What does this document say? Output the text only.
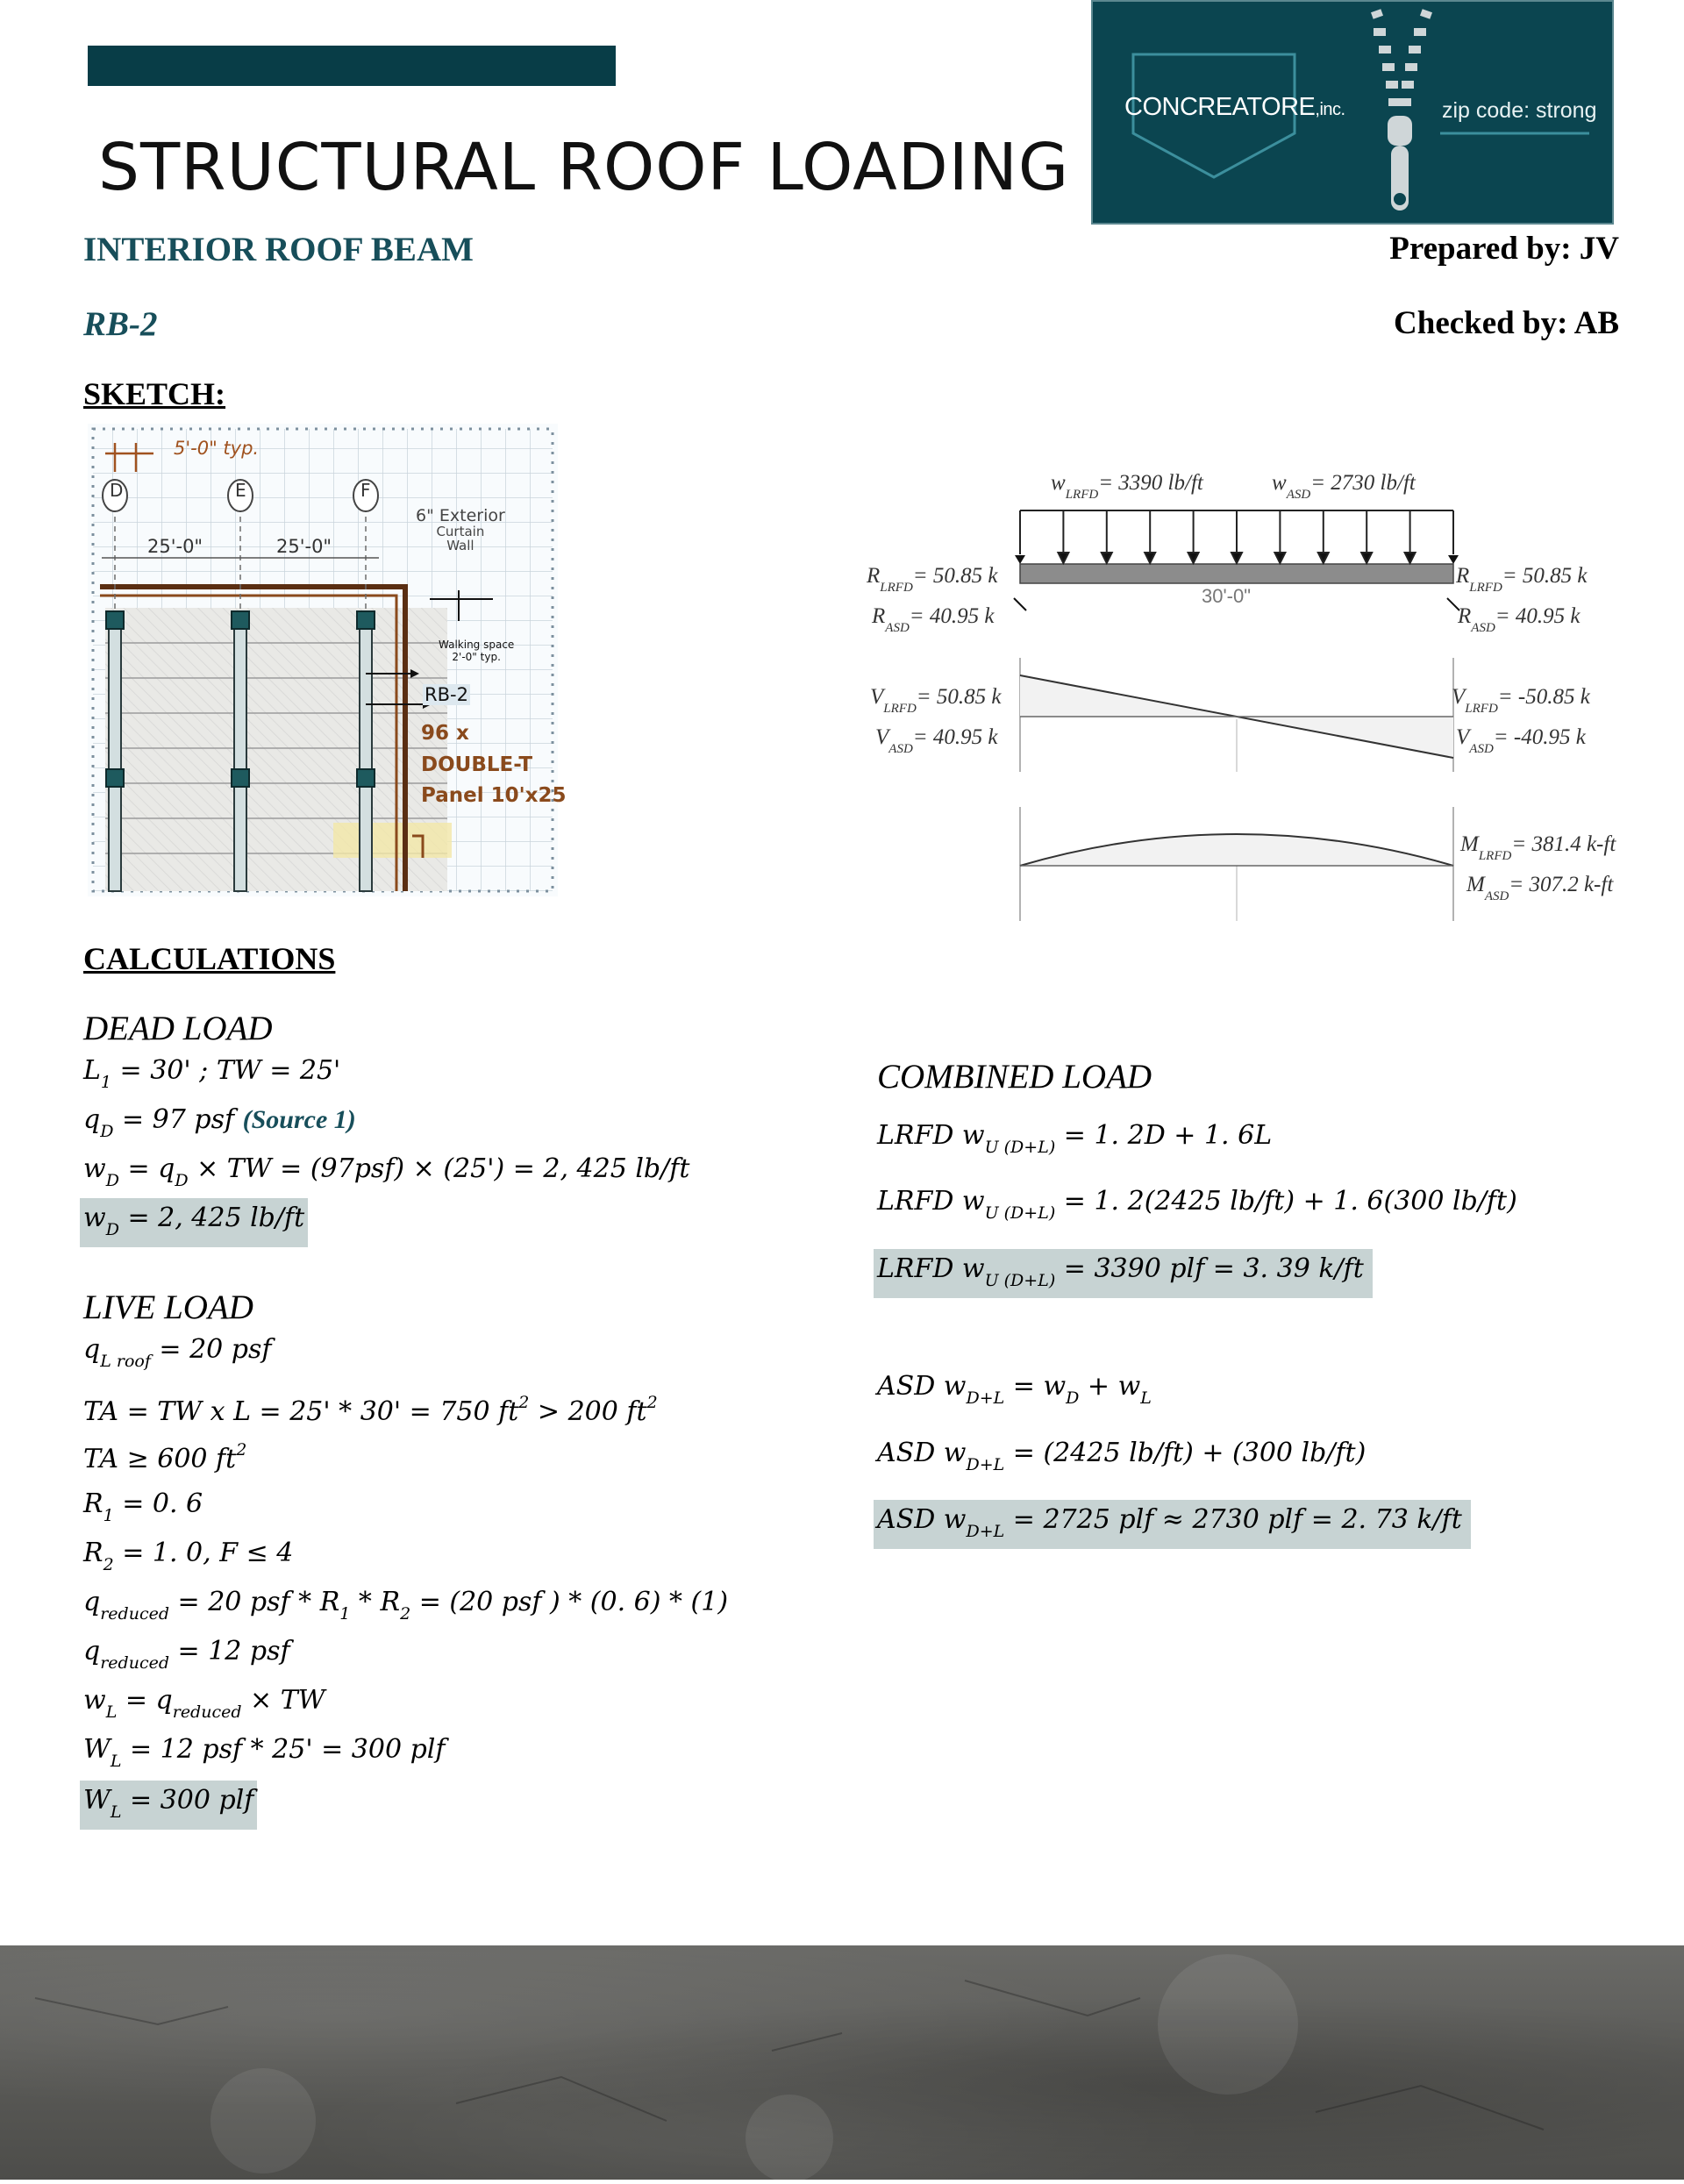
STRUCTURAL ROOF LOADING
CONCREATORE,inc.	zip code: strong
INTERIOR ROOF BEAM
RB-2
Prepared by: JV
Checked by: AB
SKETCH:
D	E	F
5'-0" typ.
25'-0"	25'-0"
6" Exterior
Curtain
Wall
Walking space
2'-0" typ.
RB-2
96 x
DOUBLE-T
Panel 10'x25
$w_{LRFD}= 3390$ lb/ft	$w_{ASD}= 2730$ lb/ft
30'-0"
$R_{LRFD}= 50.85$ k
$R_{ASD}= 40.95$ k
$R_{LRFD}= 50.85$ k
$R_{ASD}= 40.95$ k
$V_{LRFD}= 50.85$ k
$V_{ASD}= 40.95$ k
$V_{LRFD}= -50.85$ k
$V_{ASD}= -40.95$ k
$M_{LRFD}= 381.4$ k-ft
$M_{ASD}= 307.2$ k-ft
CALCULATIONS
DEAD LOAD
$L_1 = 30'$ ; TW = 25'
$q_D = 97$ psf (Source 1)
$w_D = q_D$ × TW = (97psf) × (25') = 2, 425 lb/ft
$w_D = 2$, 425 lb/ft
LIVE LOAD
$q_{L roof} = 20$ psf
TA = TW x L = 25' * 30' = 750 $ft^2 > 200$ $ft^2$
TA ≥ 600 $ft^2$
$R_1 = 0$. 6
$R_2 = 1$. 0, F ≤ 4
$q_{reduced} = 20$ psf * $R_1 * R_2 = (20$ psf ) * (0. 6) * (1)
$q_{reduced} = 12$ psf
$w_L = q_{reduced}$ × TW
$W_L = 12$ psf * 25' = 300 plf
$W_L = 300$ plf
COMBINED LOAD
LRFD $w_{U (D+L)} = 1$. 2D + 1. 6L
LRFD $w_{U (D+L)} = 1$. 2(2425 lb/ft) + 1. 6(300 lb/ft)
LRFD $w_{U (D+L)} = 3390$ plf = 3. 39 k/ft
ASD $w_{D+L} = w_D + w_L$
ASD $w_{D+L} = (2425$ lb/ft) + (300 lb/ft)
ASD $w_{D+L} = 2725$ plf ≈ 2730 plf = 2. 73 k/ft
